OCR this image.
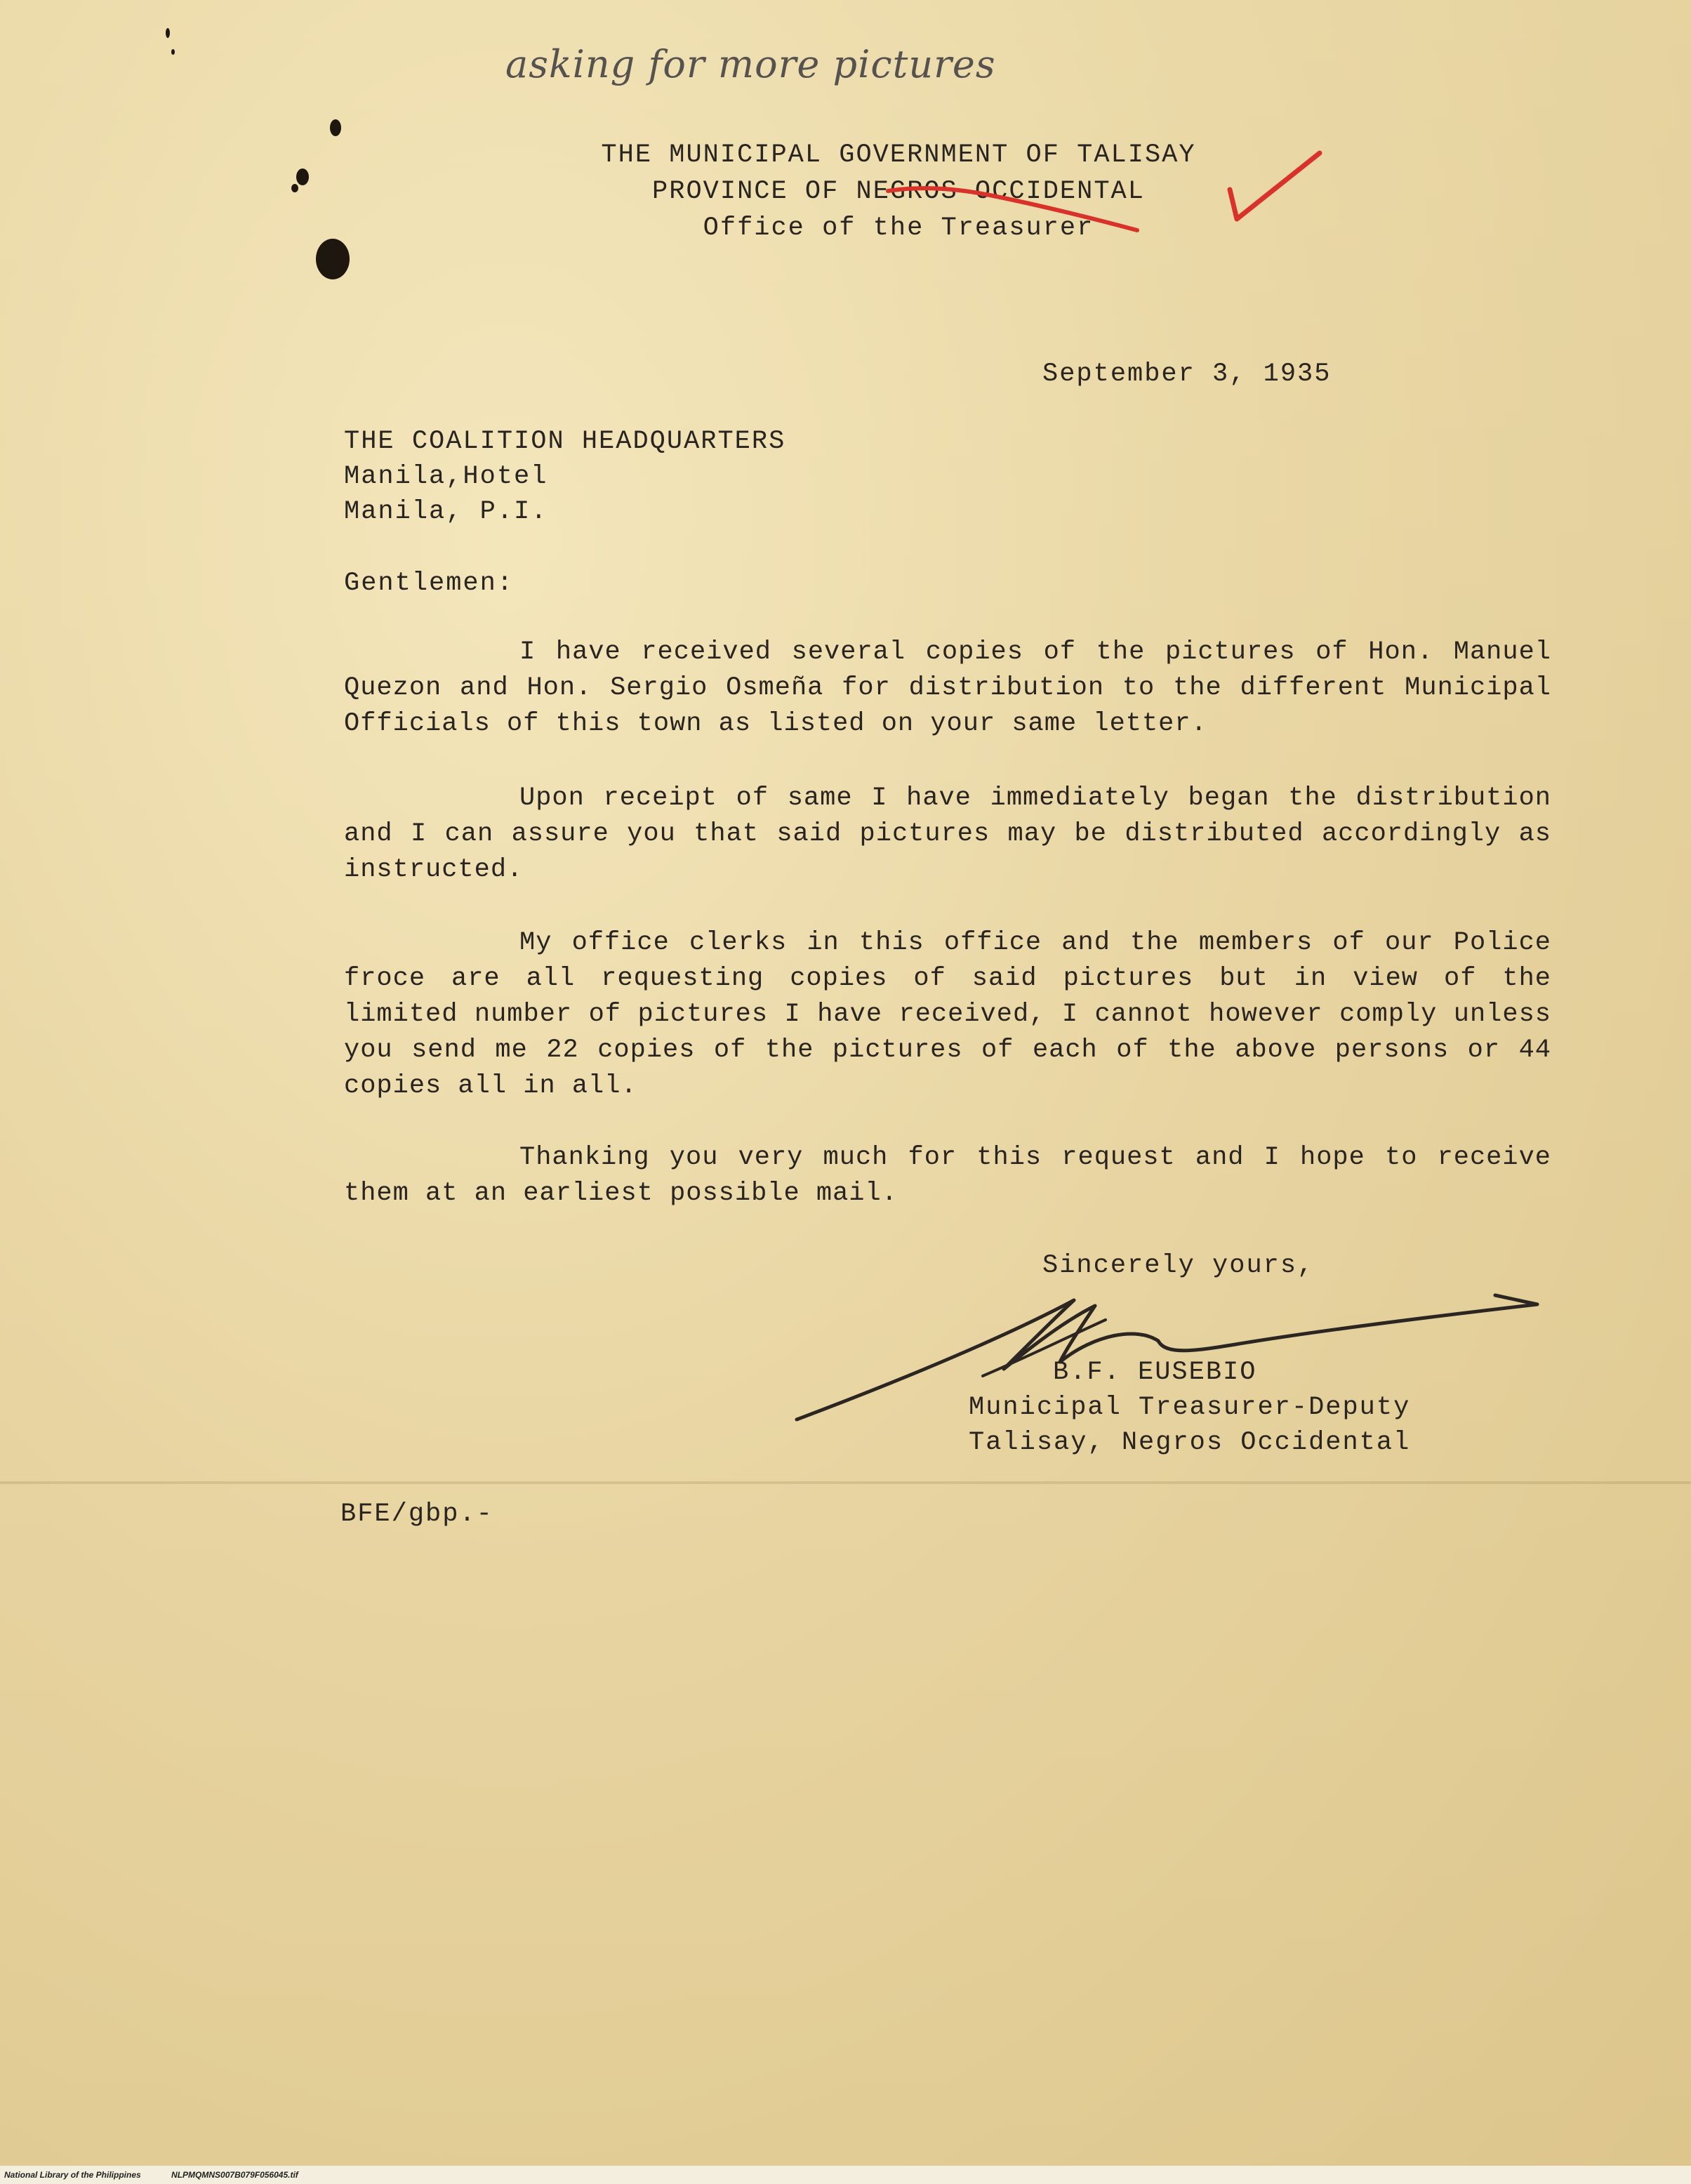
asking for more pictures
THE MUNICIPAL GOVERNMENT OF TALISAY
PROVINCE OF NEGROS OCCIDENTAL
Office of the Treasurer
September 3, 1935
THE COALITION HEADQUARTERS
Manila,Hotel
Manila, P.I.
Gentlemen:
I have received several copies of the pictures of Hon. Manuel Quezon and Hon. Sergio Osmeña for distribution to the different Municipal Officials of this town as listed on your same letter.
Upon receipt of same I have immediately began the distribution and I can assure you that said pictures may be distributed accordingly as instructed.
My office clerks in this office and the members of our Police froce are all requesting copies of said pictures but in view of the limited number of pictures I have received, I cannot however comply unless you send me 22 copies of the pictures of each of the above persons or 44 copies all in all.
Thanking you very much for this request and I hope to receive them at an earliest possible mail.
Sincerely yours,
B.F. EUSEBIO
Municipal Treasurer-Deputy
Talisay, Negros Occidental
BFE/gbp.-
National Library of the Philippines	NLPMQMNS007B079F056045.tif
